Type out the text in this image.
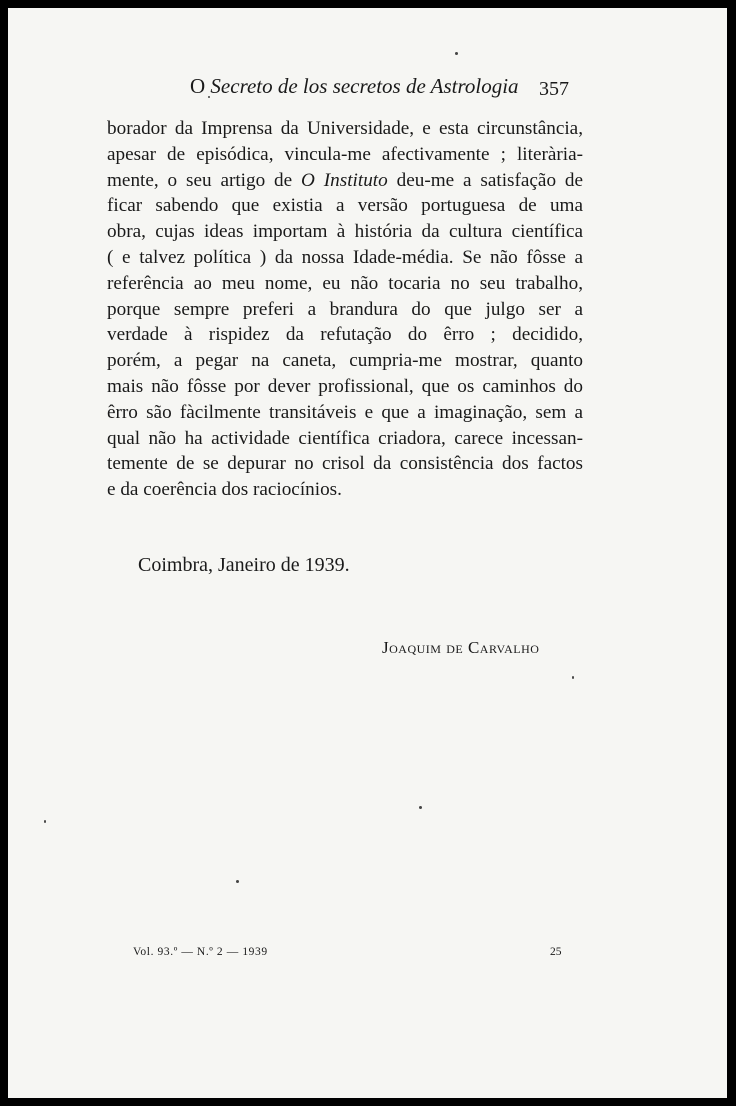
O Secreto de los secretos de Astrologia 357
borador da Imprensa da Universidade, e esta circunstância,
apesar de episódica, vincula-me afectivamente ; literària-
mente, o seu artigo de O Instituto deu-me a satisfação de
ficar sabendo que existia a versão portuguesa de uma
obra, cujas ideas importam à história da cultura científica
( e talvez política ) da nossa Idade-média. Se não fôsse a
referência ao meu nome, eu não tocaria no seu trabalho,
porque sempre preferi a brandura do que julgo ser a
verdade à rispidez da refutação do êrro ; decidido,
porém, a pegar na caneta, cumpria-me mostrar, quanto
mais não fôsse por dever profissional, que os caminhos do
êrro são fàcilmente transitáveis e que a imaginação, sem a
qual não ha actividade científica criadora, carece incessan-
temente de se depurar no crisol da consistência dos factos
e da coerência dos raciocínios.
Coimbra, Janeiro de 1939.
Joaquim de Carvalho
Vol. 93.º — N.º 2 — 1939	25
